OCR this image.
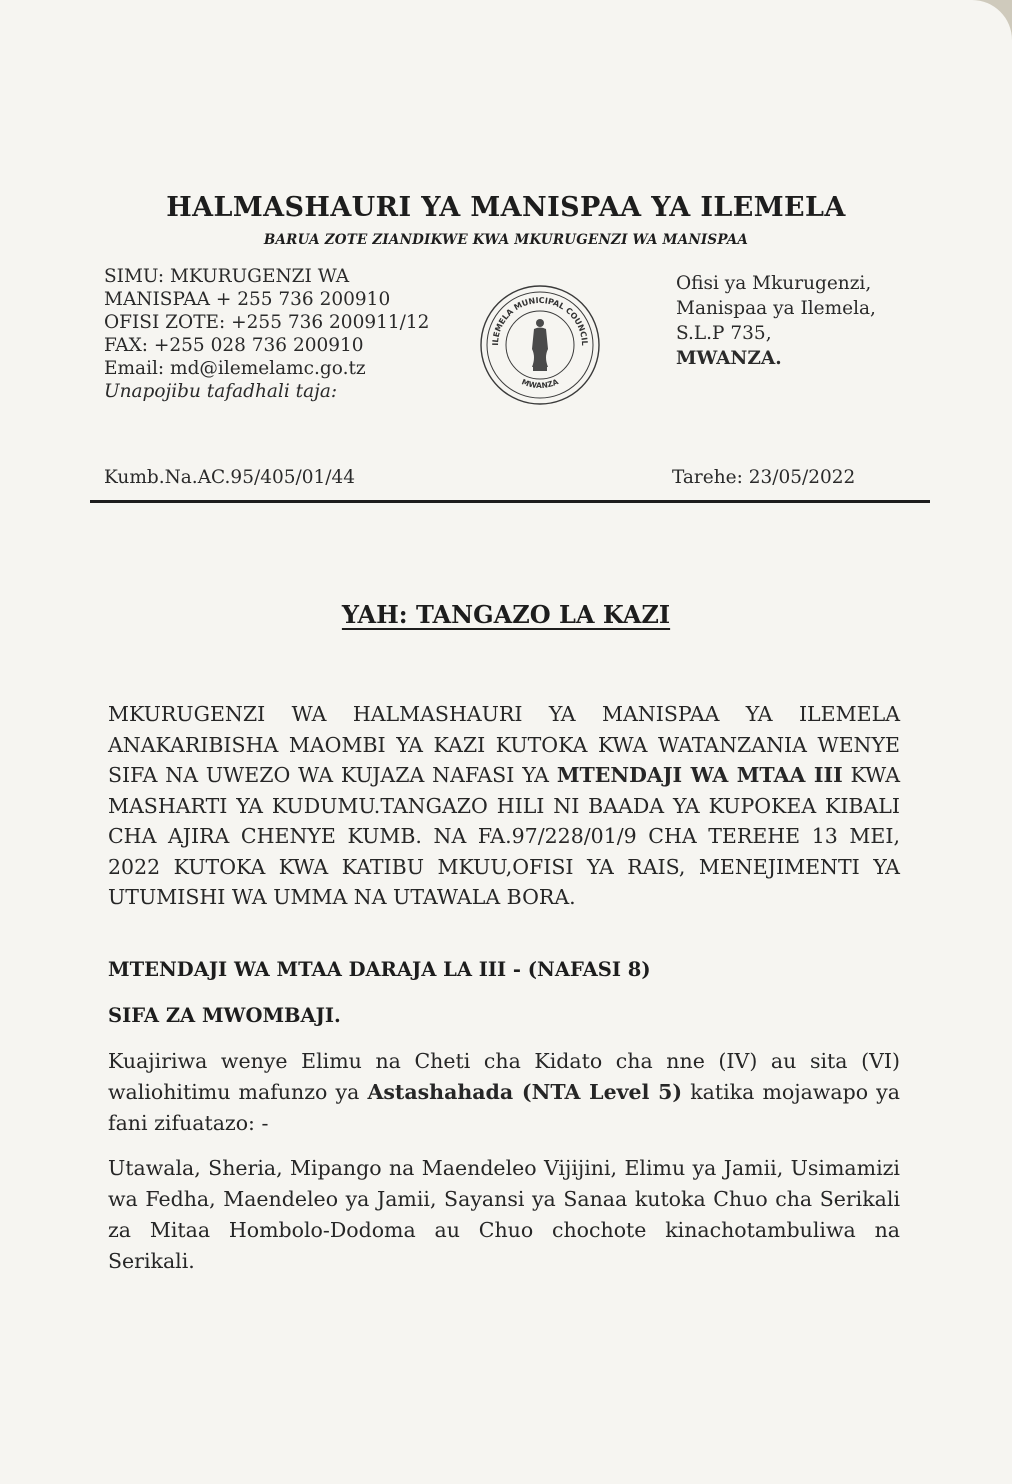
HALMASHAURI YA MANISPAA YA ILEMELA
BARUA ZOTE ZIANDIKWE KWA MKURUGENZI WA MANISPAA
SIMU: MKURUGENZI WA MANISPAA + 255 736 200910
OFISI ZOTE: +255 736 200911/12
FAX: +255 028 736 200910
Email: md@ilemelamc.go.tz
Unapojibu tafadhali taja:
ILEMELA MUNICIPAL COUNCIL
MWANZA
Ofisi ya Mkurugenzi,
Manispaa ya Ilemela,
S.L.P 735,
MWANZA.
Kumb.Na.AC.95/405/01/44	Tarehe: 23/05/2022
YAH: TANGAZO LA KAZI
MKURUGENZI WA HALMASHAURI YA MANISPAA YA ILEMELA ANAKARIBISHA MAOMBI YA KAZI KUTOKA KWA WATANZANIA WENYE SIFA NA UWEZO WA KUJAZA NAFASI YA MTENDAJI WA MTAA III KWA MASHARTI YA KUDUMU.TANGAZO HILI NI BAADA YA KUPOKEA KIBALI CHA AJIRA CHENYE KUMB. NA FA.97/228/01/9 CHA TEREHE 13 MEI, 2022 KUTOKA KWA KATIBU MKUU,OFISI YA RAIS, MENEJIMENTI YA UTUMISHI WA UMMA NA UTAWALA BORA.
MTENDAJI WA MTAA DARAJA LA III - (NAFASI 8)
SIFA ZA MWOMBAJI.
Kuajiriwa wenye Elimu na Cheti cha Kidato cha nne (IV) au sita (VI) waliohitimu mafunzo ya Astashahada (NTA Level 5) katika mojawapo ya fani zifuatazo: -
Utawala, Sheria, Mipango na Maendeleo Vijijini, Elimu ya Jamii, Usimamizi wa Fedha, Maendeleo ya Jamii, Sayansi ya Sanaa kutoka Chuo cha Serikali za Mitaa Hombolo-Dodoma au Chuo chochote kinachotambuliwa na Serikali.
